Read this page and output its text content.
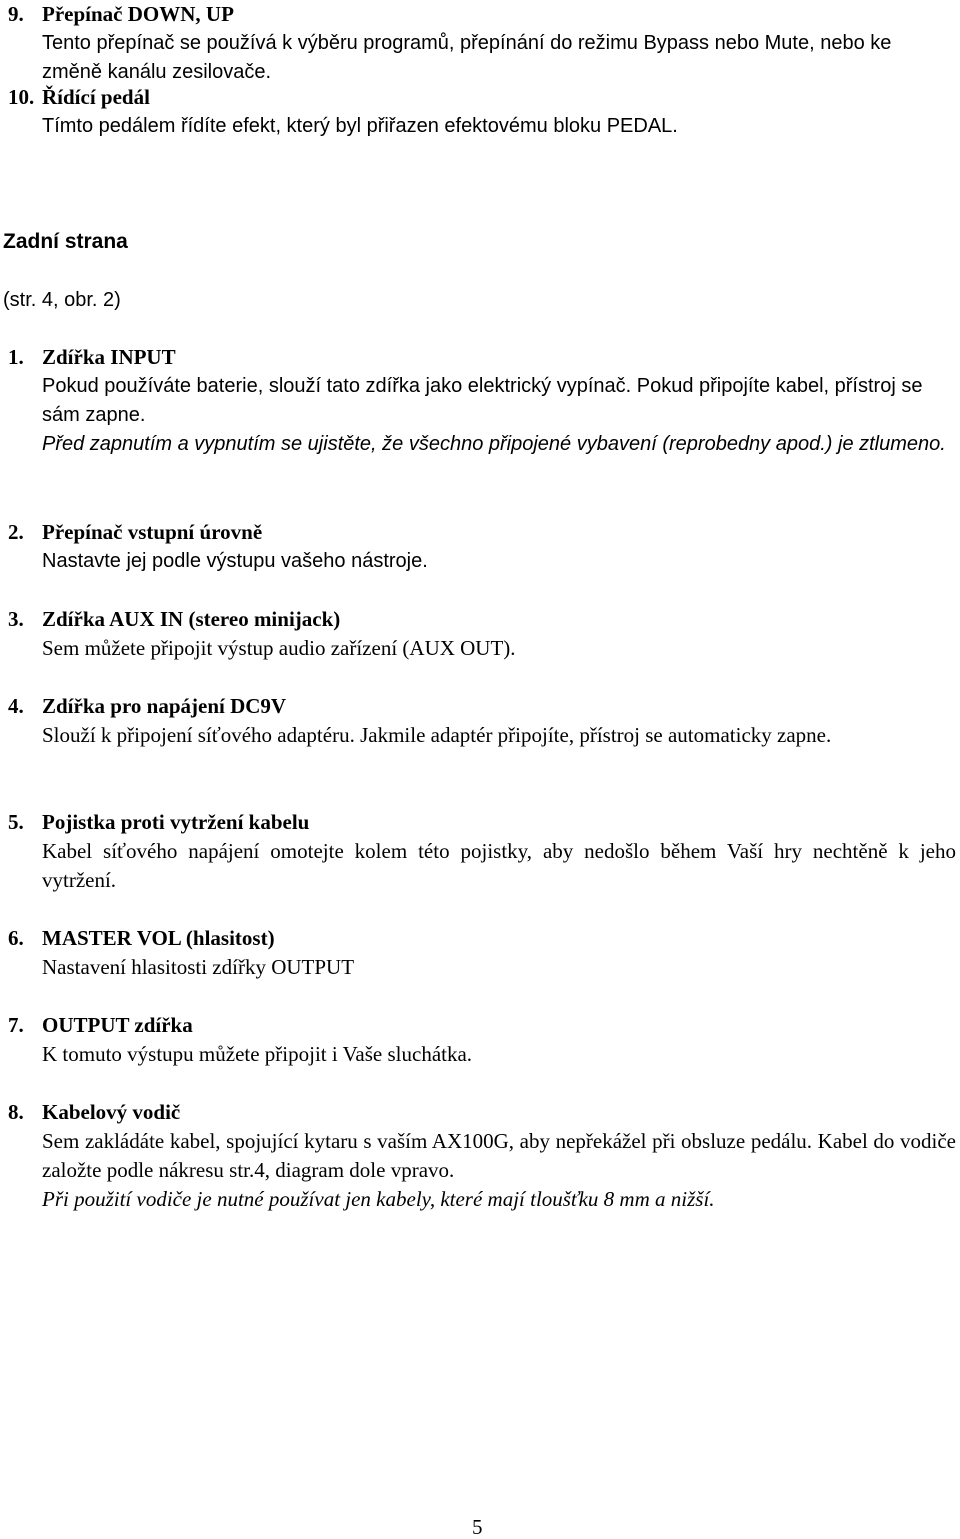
9. Přepínač DOWN, UP
Tento přepínač se používá k výběru programů, přepínání do režimu Bypass nebo Mute, nebo ke změně kanálu zesilovače.
10. Řídící pedál
Tímto pedálem řídíte efekt, který byl přiřazen efektovému bloku PEDAL.
Zadní strana
(str. 4, obr. 2)
1. Zdířka INPUT
Pokud používáte baterie, slouží tato zdířka jako elektrický vypínač. Pokud připojíte kabel, přístroj se sám zapne.
Před zapnutím a vypnutím se ujistěte, že všechno připojené vybavení (reprobedny apod.) je ztlumeno.
2. Přepínač vstupní úrovně
Nastavte jej podle výstupu vašeho nástroje.
3. Zdířka AUX IN (stereo minijack)
Sem můžete připojit výstup audio zařízení (AUX OUT).
4. Zdířka pro napájení DC9V
Slouží k připojení síťového adaptéru. Jakmile adaptér připojíte, přístroj se automaticky zapne.
5. Pojistka proti vytržení kabelu
Kabel síťového napájení omotejte kolem této pojistky, aby nedošlo během Vaší hry nechtěně k jeho vytržení.
6. MASTER VOL (hlasitost)
Nastavení hlasitosti zdířky OUTPUT
7. OUTPUT zdířka
K tomuto výstupu můžete připojit i Vaše sluchátka.
8. Kabelový vodič
Sem zakládáte kabel, spojující kytaru s vaším AX100G, aby nepřekážel při obsluze pedálu. Kabel do vodiče založte podle nákresu str.4, diagram dole vpravo.
Při použití vodiče je nutné používat jen kabely, které mají tloušťku 8 mm a nižší.
5
